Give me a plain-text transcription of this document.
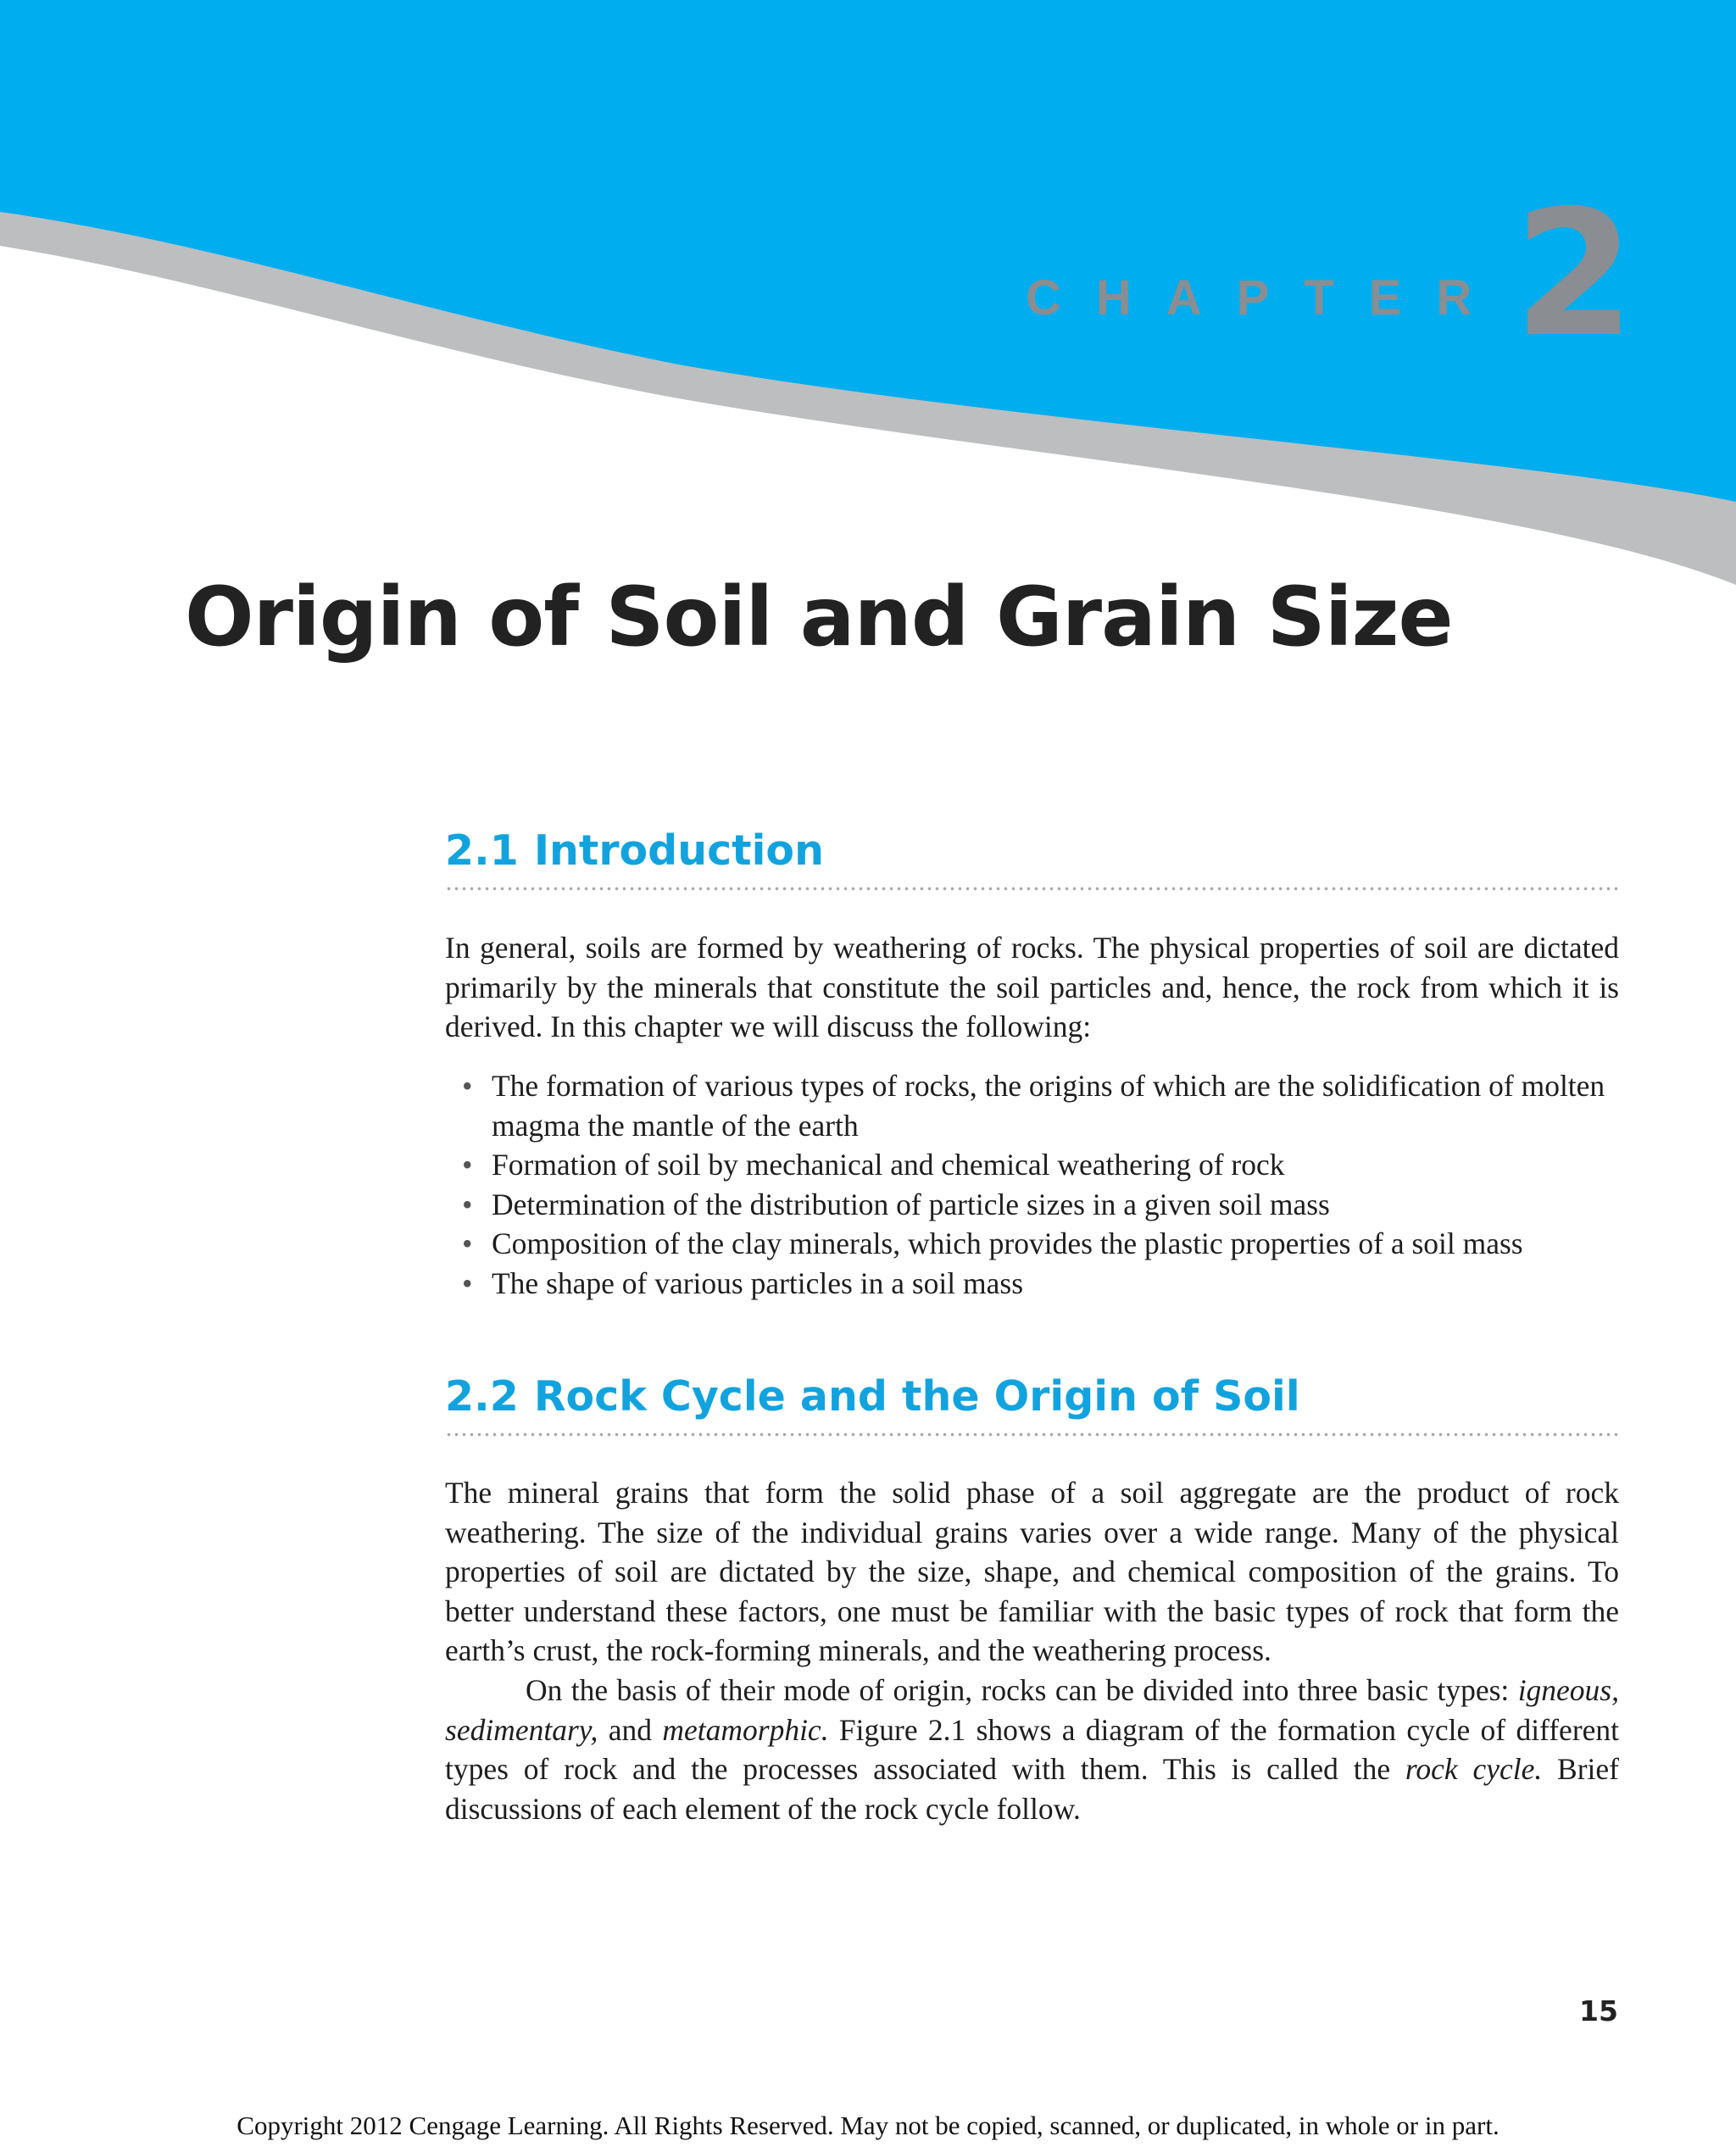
CHAPTER 2
Origin of Soil and Grain Size
2.1 Introduction

In general, soils are formed by weathering of rocks. The physical properties of soil are dictated primarily by the minerals that constitute the soil particles and, hence, the rock from which it is derived. In this chapter we will discuss the following:

• The formation of various types of rocks, the origins of which are the solidification of molten magma the mantle of the earth
• Formation of soil by mechanical and chemical weathering of rock
• Determination of the distribution of particle sizes in a given soil mass
• Composition of the clay minerals, which provides the plastic properties of a soil mass
• The shape of various particles in a soil mass
2.2 Rock Cycle and the Origin of Soil

The mineral grains that form the solid phase of a soil aggregate are the product of rock weathering. The size of the individual grains varies over a wide range. Many of the physical properties of soil are dictated by the size, shape, and chemical composition of the grains. To better understand these factors, one must be familiar with the basic types of rock that form the earth’s crust, the rock-forming minerals, and the weathering process.

On the basis of their mode of origin, rocks can be divided into three basic types: igneous, sedimentary, and metamorphic. Figure 2.1 shows a diagram of the formation cycle of different types of rock and the processes associated with them. This is called the rock cycle. Brief discussions of each element of the rock cycle follow.

15
Copyright 2012 Cengage Learning. All Rights Reserved. May not be copied, scanned, or duplicated, in whole or in part.
